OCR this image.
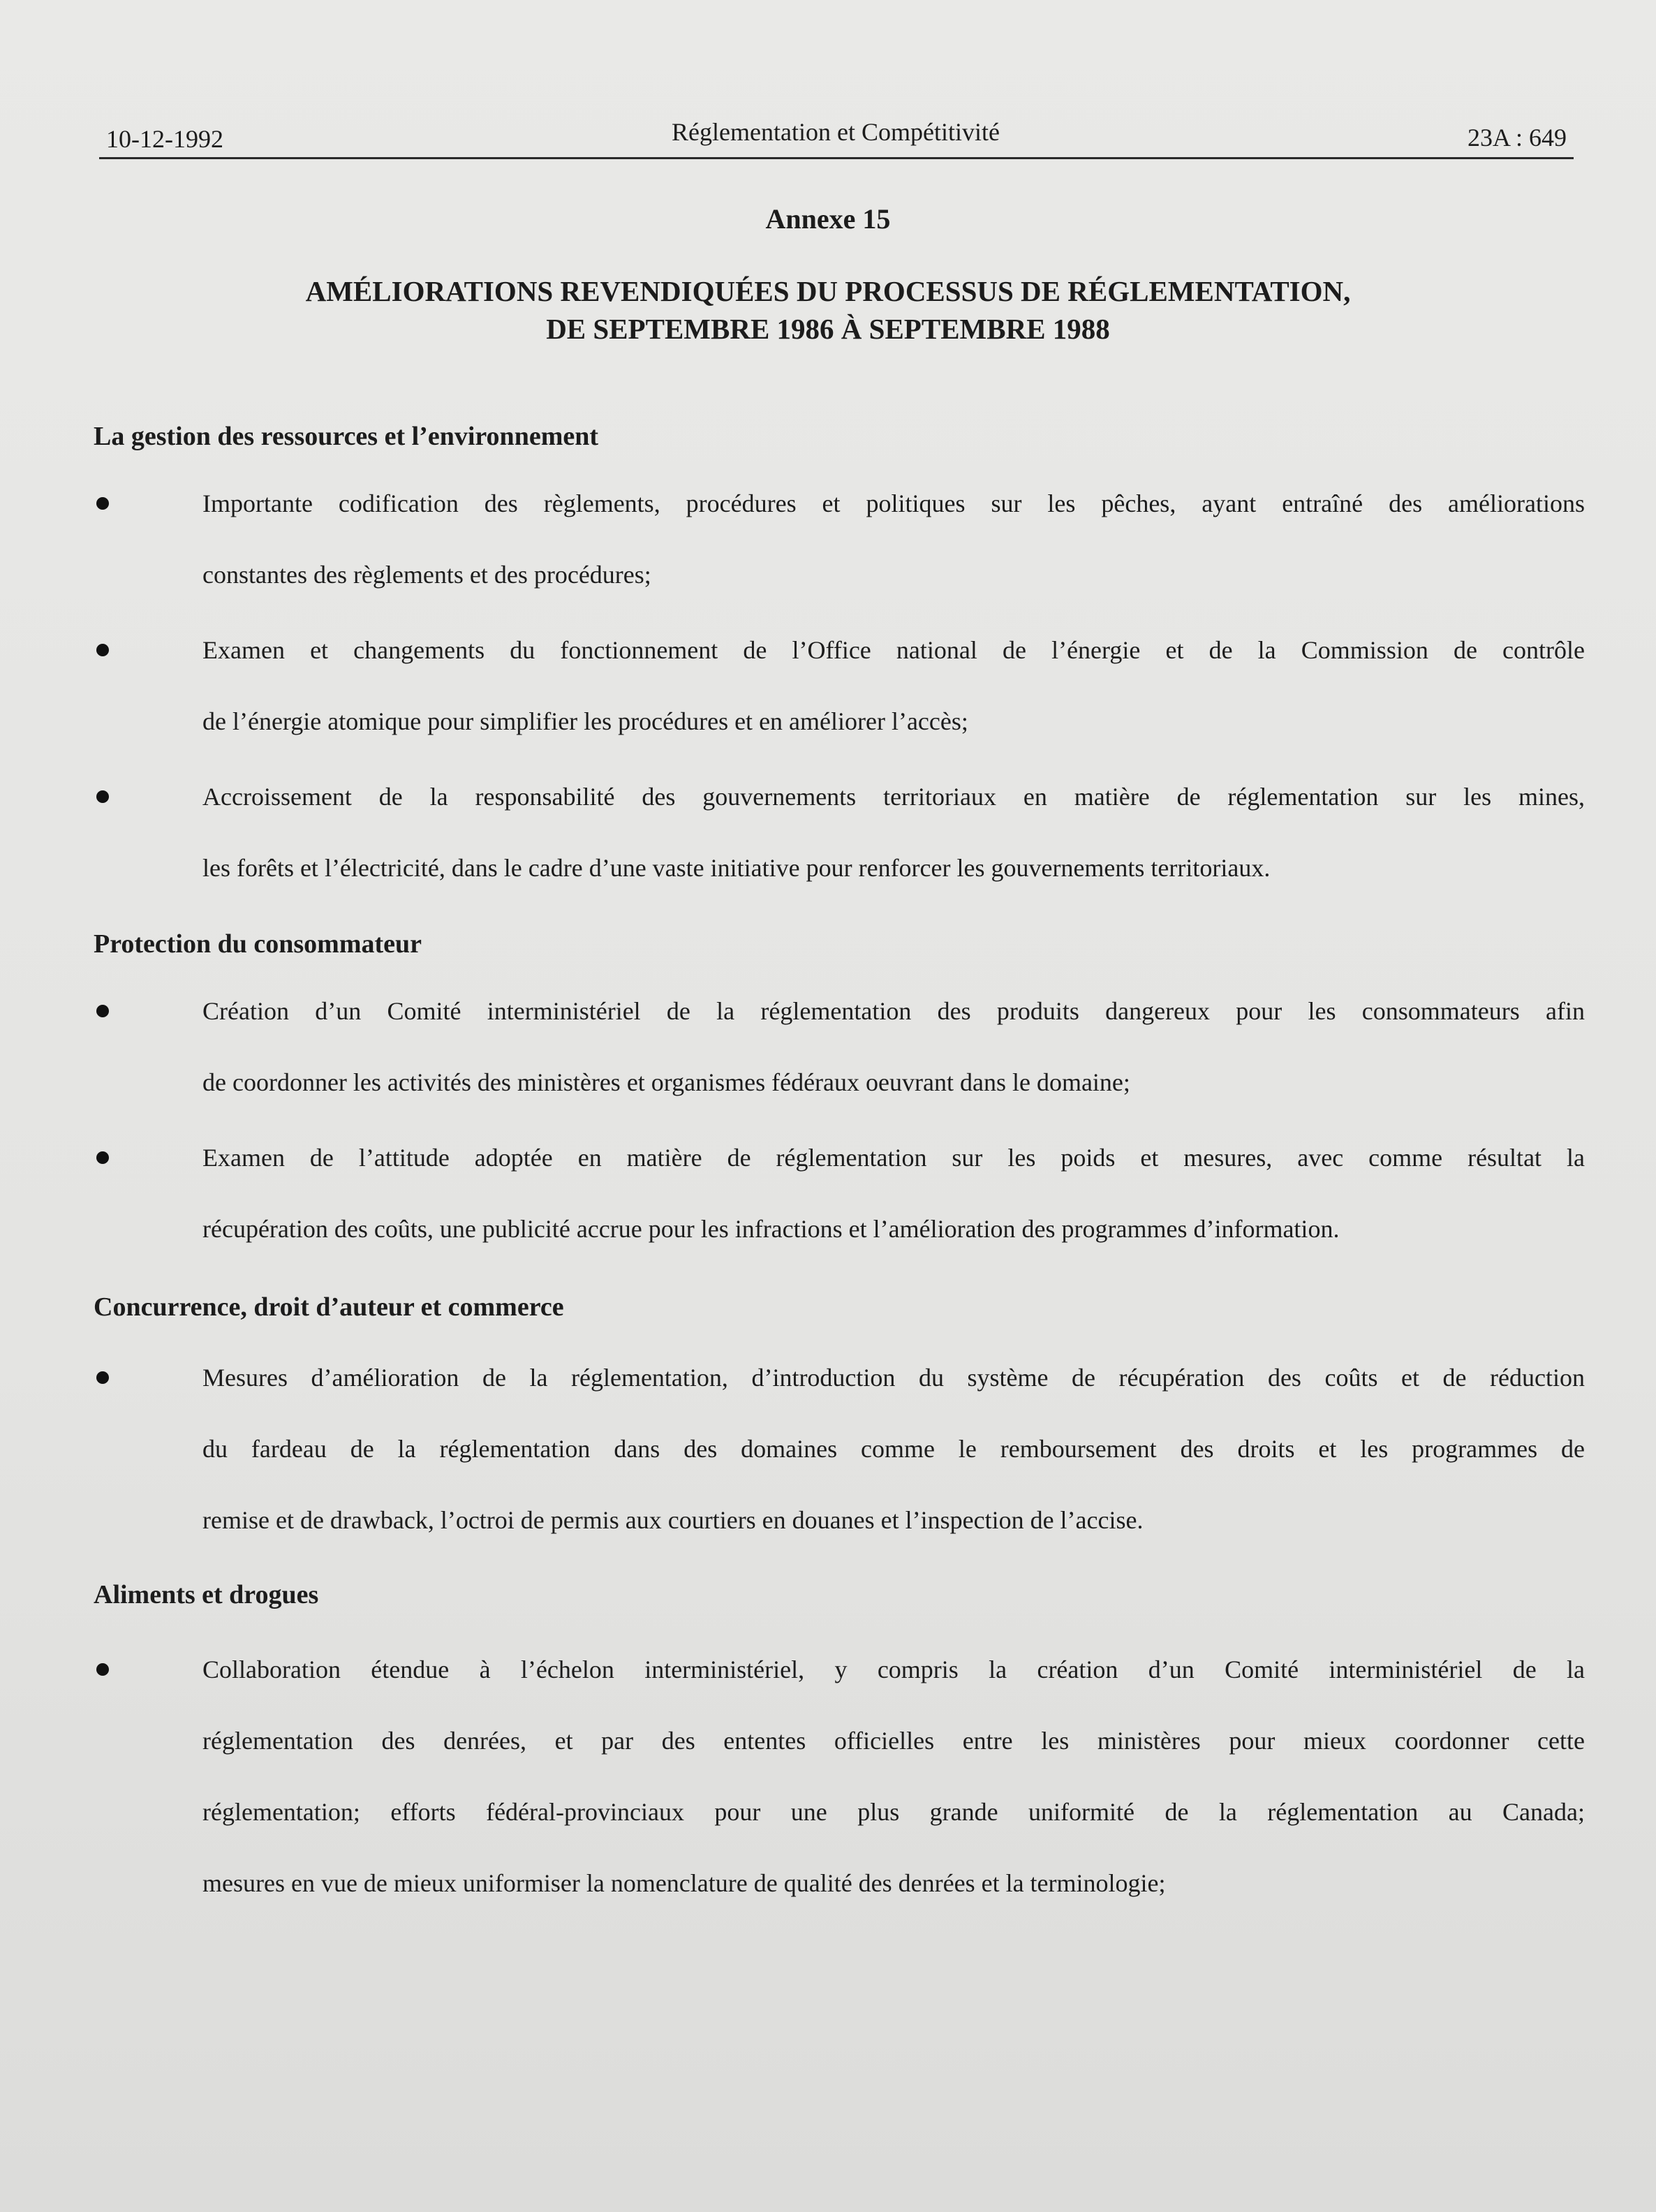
10-12-1992	Réglementation et Compétitivité	23A : 649
Annexe 15
AMÉLIORATIONS REVENDIQUÉES DU PROCESSUS DE RÉGLEMENTATION,
DE SEPTEMBRE 1986 À SEPTEMBRE 1988
La gestion des ressources et l’environnement
Importante codification des règlements, procédures et politiques sur les pêches, ayant entraîné des améliorations
constantes des règlements et des procédures;
Examen et changements du fonctionnement de l’Office national de l’énergie et de la Commission de contrôle
de l’énergie atomique pour simplifier les procédures et en améliorer l’accès;
Accroissement de la responsabilité des gouvernements territoriaux en matière de réglementation sur les mines,
les forêts et l’électricité, dans le cadre d’une vaste initiative pour renforcer les gouvernements territoriaux.
Protection du consommateur
Création d’un Comité interministériel de la réglementation des produits dangereux pour les consommateurs afin
de coordonner les activités des ministères et organismes fédéraux oeuvrant dans le domaine;
Examen de l’attitude adoptée en matière de réglementation sur les poids et mesures, avec comme résultat la
récupération des coûts, une publicité accrue pour les infractions et l’amélioration des programmes d’information.
Concurrence, droit d’auteur et commerce
Mesures d’amélioration de la réglementation, d’introduction du système de récupération des coûts et de réduction
du fardeau de la réglementation dans des domaines comme le remboursement des droits et les programmes de
remise et de drawback, l’octroi de permis aux courtiers en douanes et l’inspection de l’accise.
Aliments et drogues
Collaboration étendue à l’échelon interministériel, y compris la création d’un Comité interministériel de la
réglementation des denrées, et par des ententes officielles entre les ministères pour mieux coordonner cette
réglementation; efforts fédéral-provinciaux pour une plus grande uniformité de la réglementation au Canada;
mesures en vue de mieux uniformiser la nomenclature de qualité des denrées et la terminologie;
